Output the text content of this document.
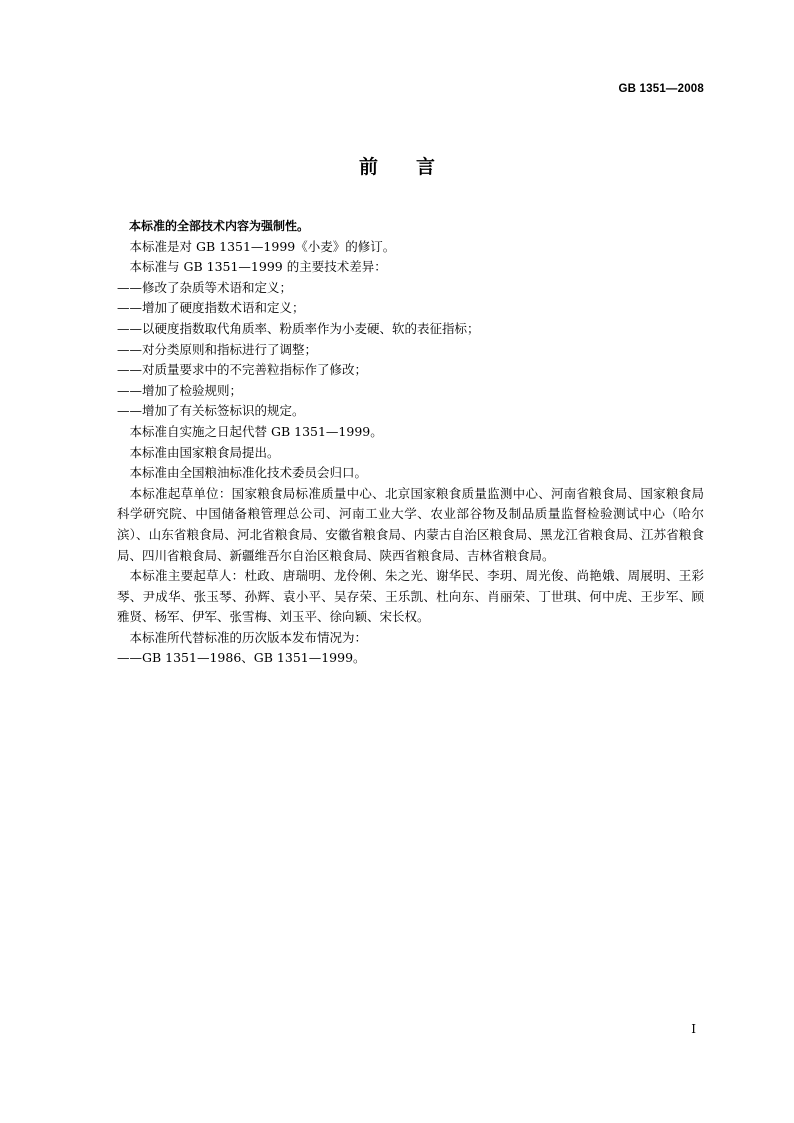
GB 1351—2008
前　　言

本标准的全部技术内容为强制性。

本标准是对 GB 1351—1999《小麦》的修订。

本标准与 GB 1351—1999 的主要技术差异：

——修改了杂质等术语和定义；

——增加了硬度指数术语和定义；

——以硬度指数取代角质率、粉质率作为小麦硬、软的表征指标；

——对分类原则和指标进行了调整；

——对质量要求中的不完善粒指标作了修改；

——增加了检验规则；

——增加了有关标签标识的规定。

本标准自实施之日起代替 GB 1351—1999。

本标准由国家粮食局提出。

本标准由全国粮油标准化技术委员会归口。

本标准起草单位：国家粮食局标准质量中心、北京国家粮食质量监测中心、河南省粮食局、国家粮食局科学研究院、中国储备粮管理总公司、河南工业大学、农业部谷物及制品质量监督检验测试中心（哈尔滨）、山东省粮食局、河北省粮食局、安徽省粮食局、内蒙古自治区粮食局、黑龙江省粮食局、江苏省粮食局、四川省粮食局、新疆维吾尔自治区粮食局、陕西省粮食局、吉林省粮食局。

本标准主要起草人：杜政、唐瑞明、龙伶俐、朱之光、谢华民、李玥、周光俊、尚艳娥、周展明、王彩琴、尹成华、张玉琴、孙辉、袁小平、吴存荣、王乐凯、杜向东、肖丽荣、丁世琪、何中虎、王步军、顾雅贤、杨军、伊军、张雪梅、刘玉平、徐向颖、宋长权。

本标准所代替标准的历次版本发布情况为：

——GB 1351—1986、GB 1351—1999。

I
